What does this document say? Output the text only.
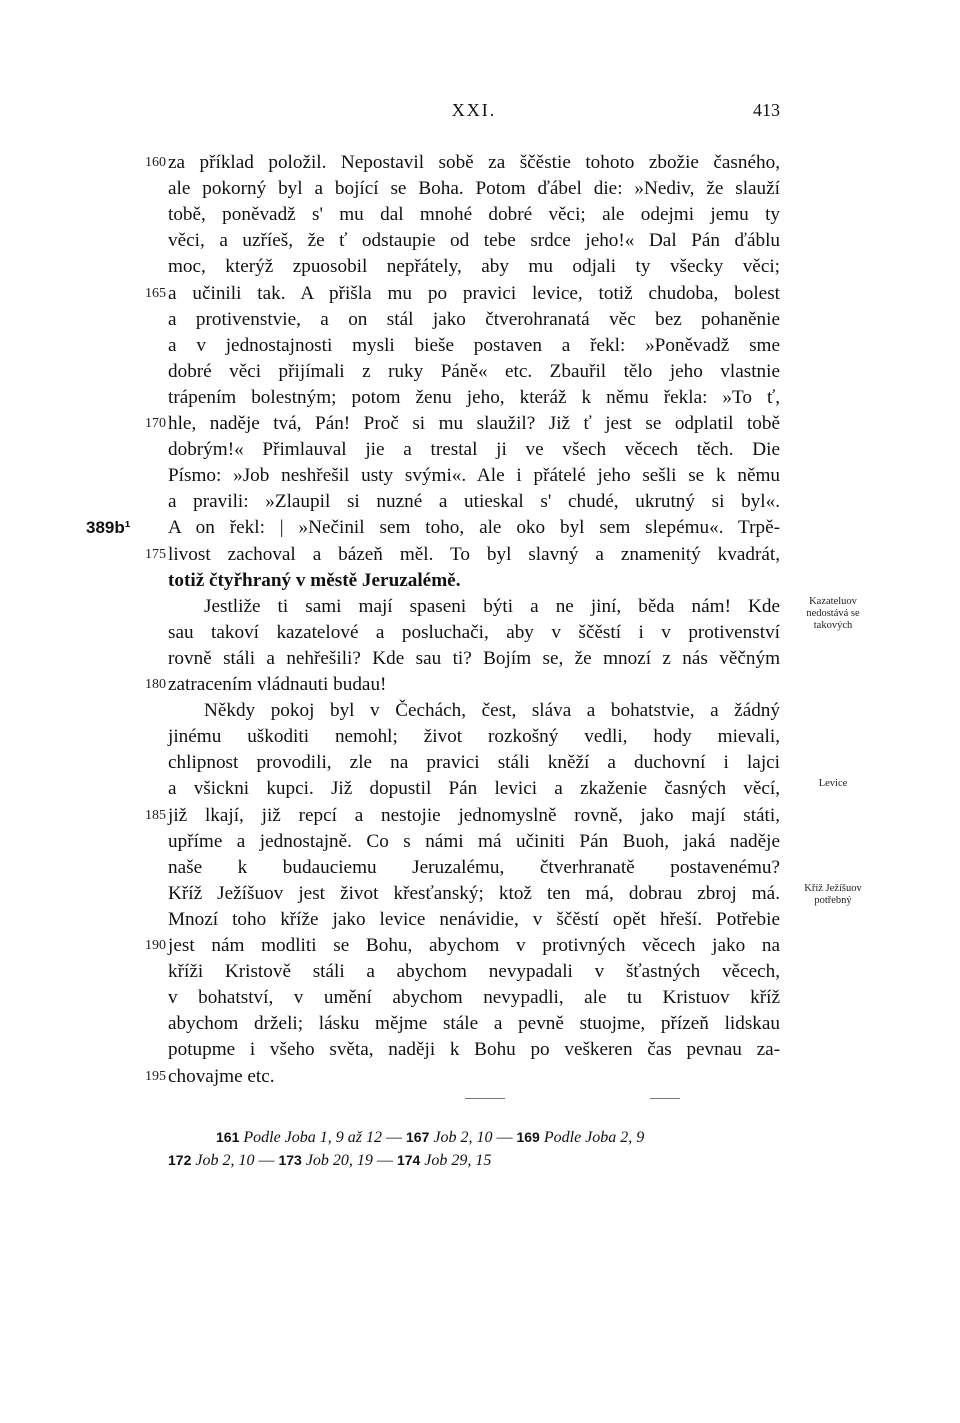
XXI.	413
za příklad položil. Nepostavil sobě za ščěstie tohoto zbožie časného,
160
ale pokorný byl a bojící se Boha. Potom ďábel die: »Nediv, že slauží
tobě, poněvadž s' mu dal mnohé dobré věci; ale odejmi jemu ty
věci, a uzříeš, že ť odstaupie od tebe srdce jeho!« Dal Pán ďáblu
moc, kterýž zpuosobil nepřátely, aby mu odjali ty všecky věci;
a učinili tak. A přišla mu po pravici levice, totiž chudoba, bolest
165
a protivenstvie, a on stál jako čtverohranatá věc bez pohaněnie
a v jednostajnosti mysli bieše postaven a řekl: »Poněvadž sme
dobré věci přijímali z ruky Páně« etc. Zbauřil tělo jeho vlastnie
trápením bolestným; potom ženu jeho, kteráž k němu řekla: »To ť,
hle, naděje tvá, Pán! Proč si mu slaužil? Již ť jest se odplatil tobě
170
dobrým!« Přimlauval jie a trestal ji ve všech věcech těch. Die
Písmo: »Job neshřešil usty svými«. Ale i přátelé jeho sešli se k němu
a pravili: »Zlaupil si nuzné a utieskal s' chudé, ukrutný si byl«.
A on řekl: | »Nečinil sem toho, ale oko byl sem slepému«. Trpě-
389b¹
livost zachoval a bázeň měl. To byl slavný a znamenitý kvadrát,
175
totiž čtyřhraný v městě Jeruzalémě.
Jestliže ti sami mají spaseni býti a ne jiní, běda nám! Kde
sau takoví kazatelové a posluchači, aby v ščěstí i v protivenství
rovně stáli a nehřešili? Kde sau ti? Bojím se, že mnozí z nás věčným
zatracením vládnauti budau!
180
Někdy pokoj byl v Čechách, čest, sláva a bohatstvie, a žádný
jinému uškoditi nemohl; život rozkošný vedli, hody mievali,
chlipnost provodili, zle na pravici stáli kněží a duchovní i lajci
a všickni kupci. Již dopustil Pán levici a zkaženie časných věcí,
již lkají, již repcí a nestojie jednomyslně rovně, jako mají státi,
185
upříme a jednostajně. Co s námi má učiniti Pán Buoh, jaká naděje
naše k budauciemu Jeruzalému, čtverhranatě postavenému?
Kříž Ježíšuov jest život křesťanský; ktož ten má, dobrau zbroj má.
Mnozí toho kříže jako levice nenávidie, v ščěstí opět hřeší. Potřebie
jest nám modliti se Bohu, abychom v protivných věcech jako na
190
kříži Kristově stáli a abychom nevypadali v šťastných věcech,
v bohatství, v umění abychom nevypadli, ale tu Kristuov kříž
abychom drželi; lásku mějme stále a pevně stuojme, přízeň lidskau
potupme i všeho světa, naději k Bohu po veškeren čas pevnau za-
chovajme etc.
195
Kazateluov
nedostává se
takových
Levice
Kříž Ježíšuov
potřebný
161 Podle Joba 1, 9 až 12 — 167 Job 2, 10 — 169 Podle Joba 2, 9
172 Job 2, 10 — 173 Job 20, 19 — 174 Job 29, 15
